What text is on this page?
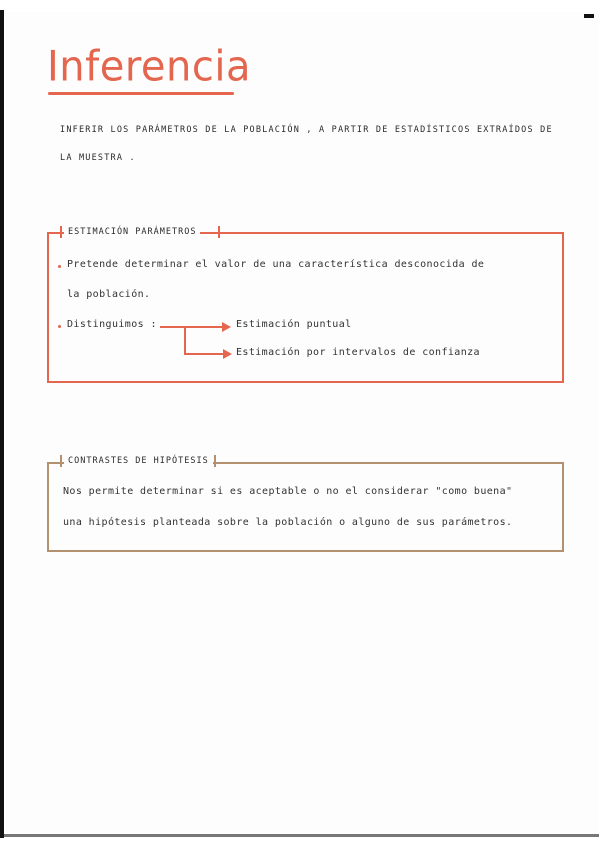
Inferencia
INFERIR LOS PARÁMETROS DE LA POBLACIÓN , A PARTIR DE ESTADÍSTICOS EXTRAÍDOS DE
LA MUESTRA .
ESTIMACIÓN PARÁMETROS
Pretende determinar el valor de una característica desconocida de
la población.
Distinguimos :	Estimación puntual
Estimación por intervalos de confianza
CONTRASTES DE HIPÓTESIS
Nos permite determinar si es aceptable o no el considerar "como buena"
una hipótesis planteada sobre la población o alguno de sus parámetros.
